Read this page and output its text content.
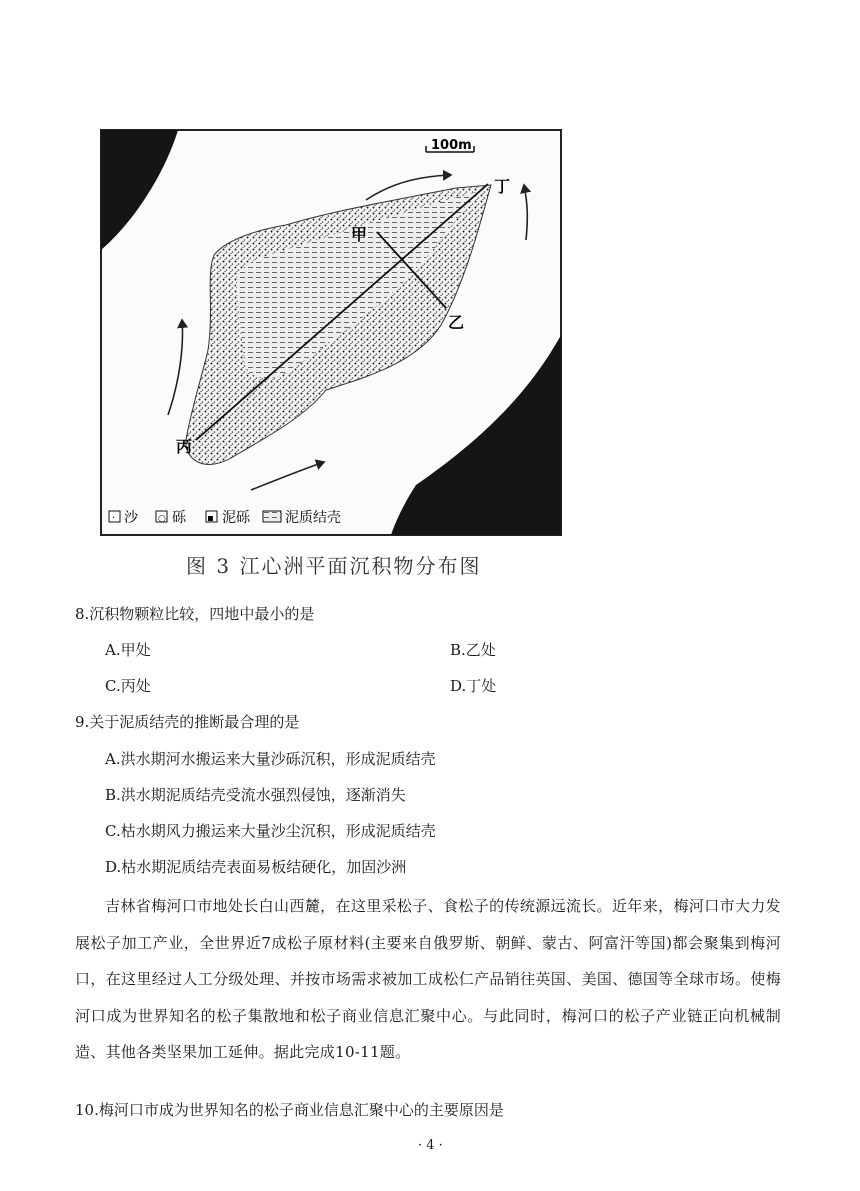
100m
甲
乙
丙
丁
· 沙 ○ 砾 ▪ 泥砾	泥质结壳
图 3 江心洲平面沉积物分布图
8.沉积物颗粒比较，四地中最小的是
A.甲处	B.乙处
C.丙处	D.丁处
9.关于泥质结壳的推断最合理的是
A.洪水期河水搬运来大量沙砾沉积，形成泥质结壳
B.洪水期泥质结壳受流水强烈侵蚀，逐渐消失
C.枯水期风力搬运来大量沙尘沉积，形成泥质结壳
D.枯水期泥质结壳表面易板结硬化，加固沙洲
吉林省梅河口市地处长白山西麓，在这里采松子、食松子的传统源远流长。近年来，梅河口市大力发展松子加工产业，全世界近7成松子原材料(主要来自俄罗斯、朝鲜、蒙古、阿富汗等国)都会聚集到梅河口，在这里经过人工分级处理、并按市场需求被加工成松仁产品销往英国、美国、德国等全球市场。使梅河口成为世界知名的松子集散地和松子商业信息汇聚中心。与此同时，梅河口的松子产业链正向机械制造、其他各类坚果加工延伸。据此完成10-11题。
10.梅河口市成为世界知名的松子商业信息汇聚中心的主要原因是
· 4 ·
